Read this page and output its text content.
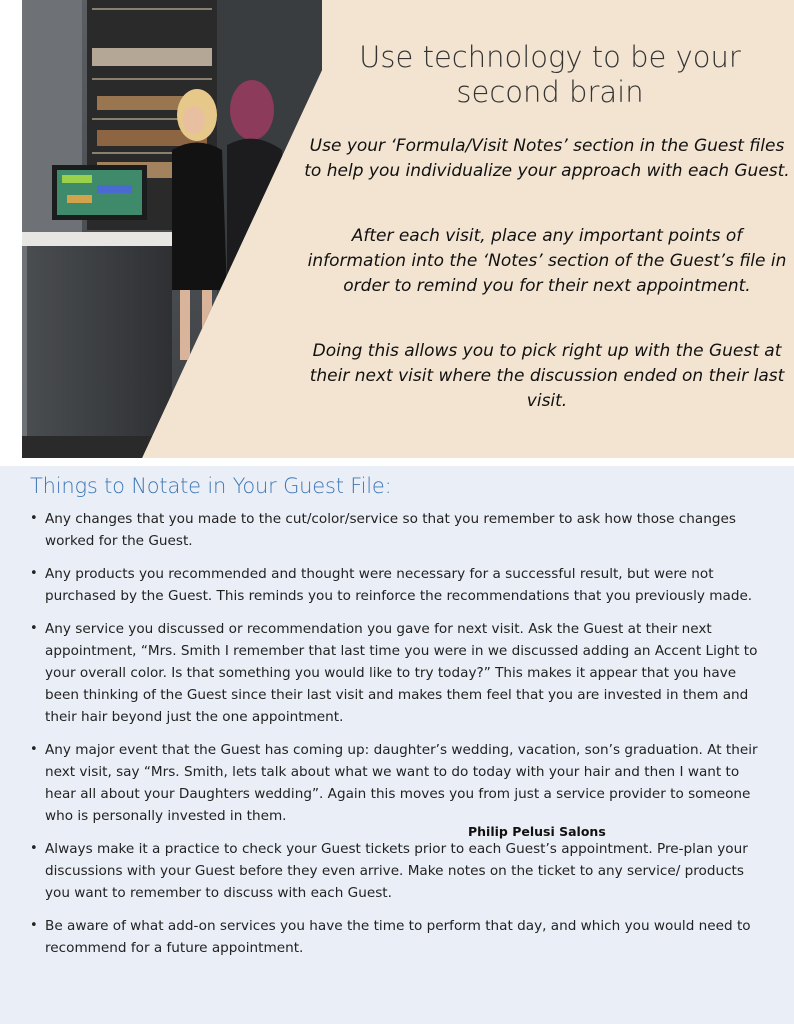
Use technology to be your second brain
Use your ‘Formula/Visit Notes’ section in the Guest files to help you individualize your approach with each Guest.
After each visit, place any important points of information into the ‘Notes’ section of the Guest’s file in order to remind you for their next appointment.
Doing this allows you to pick right up with the Guest at their next visit where the discussion ended on their last visit.
Things to Notate in Your Guest File:
• Any changes that you made to the cut/color/service so that you remember to ask how those changes worked for the Guest.
• Any products you recommended and thought were necessary for a successful result, but were not purchased by the Guest. This reminds you to reinforce the recommendations that you previously made.
• Any service you discussed or recommendation you gave for next visit. Ask the Guest at their next appointment, “Mrs. Smith I remember that last time you were in we discussed adding an Accent Light to your overall color. Is that something you would like to try today?” This makes it appear that you have been thinking of the Guest since their last visit and makes them feel that you are invested in them and their hair beyond just the one appointment.
• Any major event that the Guest has coming up: daughter’s wedding, vacation, son’s graduation. At their next visit, say “Mrs. Smith, lets talk about what we want to do today with your hair and then I want to hear all about your Daughters wedding”. Again this moves you from just a service provider to someone who is personally invested in them.
• Always make it a practice to check your Guest tickets prior to each Guest’s appointment. Pre-plan your discussions with your Guest before they even arrive. Make notes on the ticket to any service/ products you want to remember to discuss with each Guest.
• Be aware of what add-on services you have the time to perform that day, and which you would need to recommend for a future appointment.
Philip Pelusi Salons
